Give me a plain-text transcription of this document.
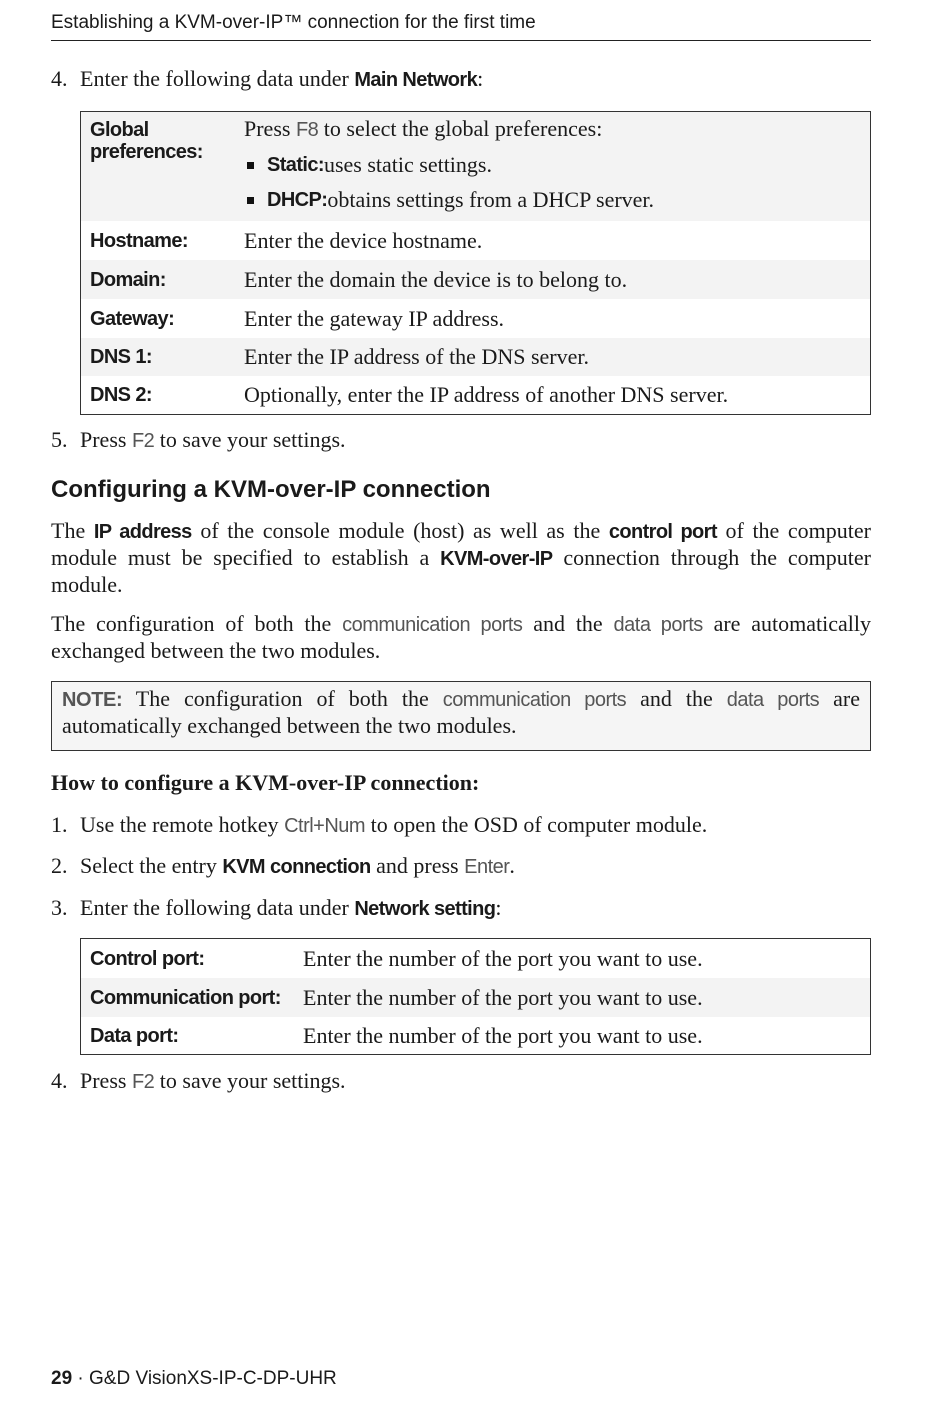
Establishing a KVM-over-IP™ connection for the first time
4. Enter the following data under Main Network:
Global preferences:
Press F8 to select the global preferences:
Static: uses static settings.
DHCP: obtains settings from a DHCP server.
Hostname:	Enter the device hostname.
Domain:	Enter the domain the device is to belong to.
Gateway:	Enter the gateway IP address.
DNS 1:	Enter the IP address of the DNS server.
DNS 2:	Optionally, enter the IP address of another DNS server.
5. Press F2 to save your settings.
Configuring a KVM-over-IP connection
The IP address of the console module (host) as well as the control port of the computer module must be specified to establish a KVM-over-IP connection through the computer module.
The configuration of both the communication ports and the data ports are automatically exchanged between the two modules.
NOTE: The configuration of both the communication ports and the data ports are automatically exchanged between the two modules.
How to configure a KVM-over-IP connection:
1. Use the remote hotkey Ctrl+Num to open the OSD of computer module.
2. Select the entry KVM connection and press Enter.
3. Enter the following data under Network setting:
Control port:	Enter the number of the port you want to use.
Communication port:	Enter the number of the port you want to use.
Data port:	Enter the number of the port you want to use.
4. Press F2 to save your settings.
29 · G&D VisionXS-IP-C-DP-UHR
